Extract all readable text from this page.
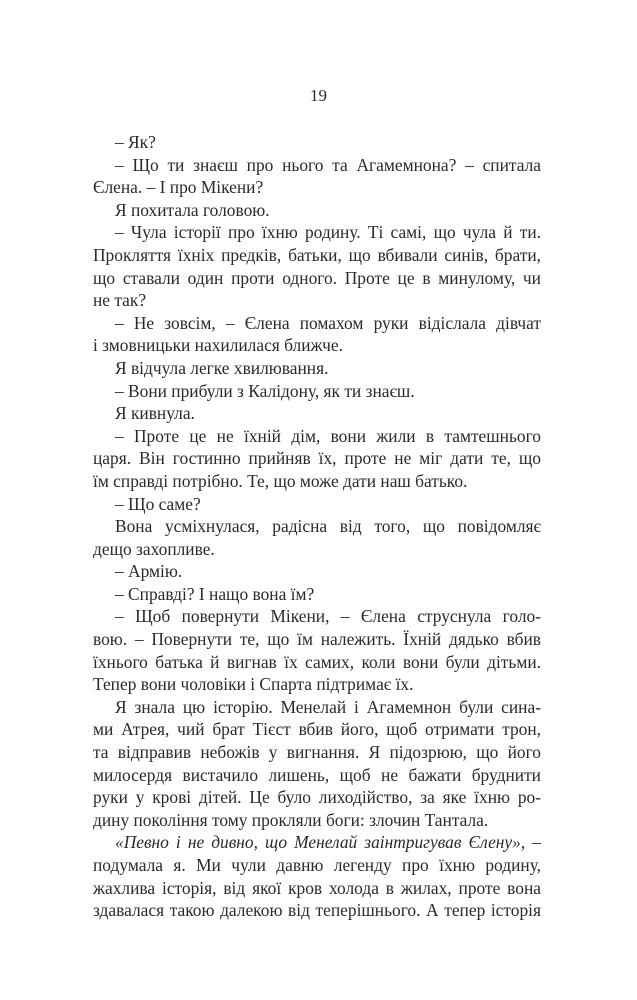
19
– Як?
– Що ти знаєш про нього та Агамемнона? – спитала
Єлена. – І про Мікени?
Я похитала головою.
– Чула історії про їхню родину. Ті самі, що чула й ти.
Прокляття їхніх предків, батьки, що вбивали синів, брати,
що ставали один проти одного. Проте це в минулому, чи
не так?
– Не зовсім, – Єлена помахом руки відіслала дівчат
і змовницьки нахилилася ближче.
Я відчула легке хвилювання.
– Вони прибули з Калідону, як ти знаєш.
Я кивнула.
– Проте це не їхній дім, вони жили в тамтешнього
царя. Він гостинно прийняв їх, проте не міг дати те, що
їм справді потрібно. Те, що може дати наш батько.
– Що саме?
Вона усміхнулася, радісна від того, що повідомляє
дещо захопливе.
– Армію.
– Справді? І нащо вона їм?
– Щоб повернути Мікени, – Єлена струснула голо-
вою. – Повернути те, що їм належить. Їхній дядько вбив
їхнього батька й вигнав їх самих, коли вони були дітьми.
Тепер вони чоловіки і Спарта підтримає їх.
Я знала цю історію. Менелай і Агамемнон були сина-
ми Атрея, чий брат Тієст вбив його, щоб отримати трон,
та відправив небожів у вигнання. Я підозрюю, що його
милосердя вистачило лишень, щоб не бажати бруднити
руки у крові дітей. Це було лиходійство, за яке їхню ро-
дину покоління тому прокляли боги: злочин Тантала.
«Певно і не дивно, що Менелай заінтригував Єлену», –
подумала я. Ми чули давню легенду про їхню родину,
жахлива історія, від якої кров холода в жилах, проте вона
здавалася такою далекою від теперішнього. А тепер історія
